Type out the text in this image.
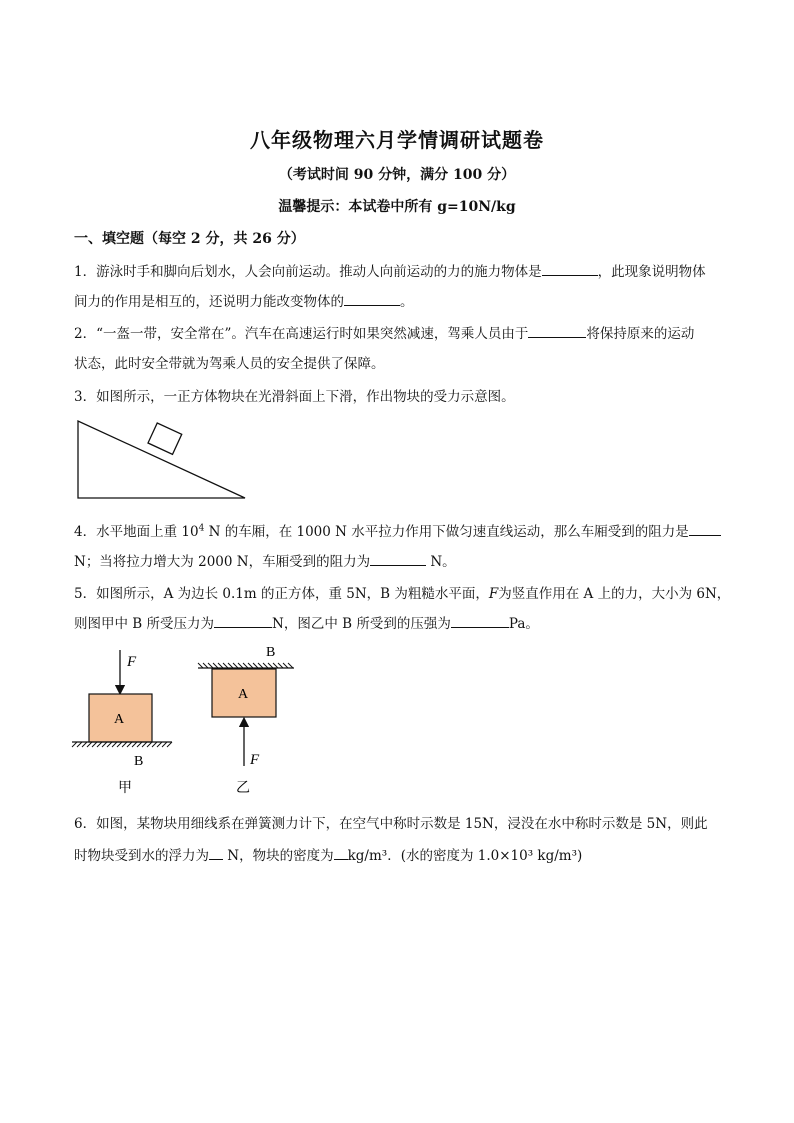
八年级物理六月学情调研试题卷
（考试时间 90 分钟，满分 100 分）
温馨提示：本试卷中所有 g=10N/kg
一、填空题（每空 2 分，共 26 分）
1．游泳时手和脚向后划水，人会向前运动。推动人向前运动的力的施力物体是	，此现象说明物体
间力的作用是相互的，还说明力能改变物体的	。
2．“一盔一带，安全常在”。汽车在高速运行时如果突然减速，驾乘人员由于	将保持原来的运动
状态，此时安全带就为驾乘人员的安全提供了保障。
3．如图所示，一正方体物块在光滑斜面上下滑，作出物块的受力示意图。
4．水平地面上重 $10^4$ N 的车厢，在 1000 N 水平拉力作用下做匀速直线运动，那么车厢受到的阻力是
N；当将拉力增大为 2000 N，车厢受到的阻力为	N。
5．如图所示，A 为边长 0.1m 的正方体，重 5N，B 为粗糙水平面，F为竖直作用在 A 上的力，大小为 6N，
则图甲中 B 所受压力为	N，图乙中 B 所受到的压强为	Pa。
F
A
B
甲
B
A
F
乙
6．如图，某物块用细线系在弹簧测力计下，在空气中称时示数是 15N，浸没在水中称时示数是 5N，则此
时物块受到水的浮力为 N，物块的密度为 kg/m³．(水的密度为 1.0×10³ kg/m³)
